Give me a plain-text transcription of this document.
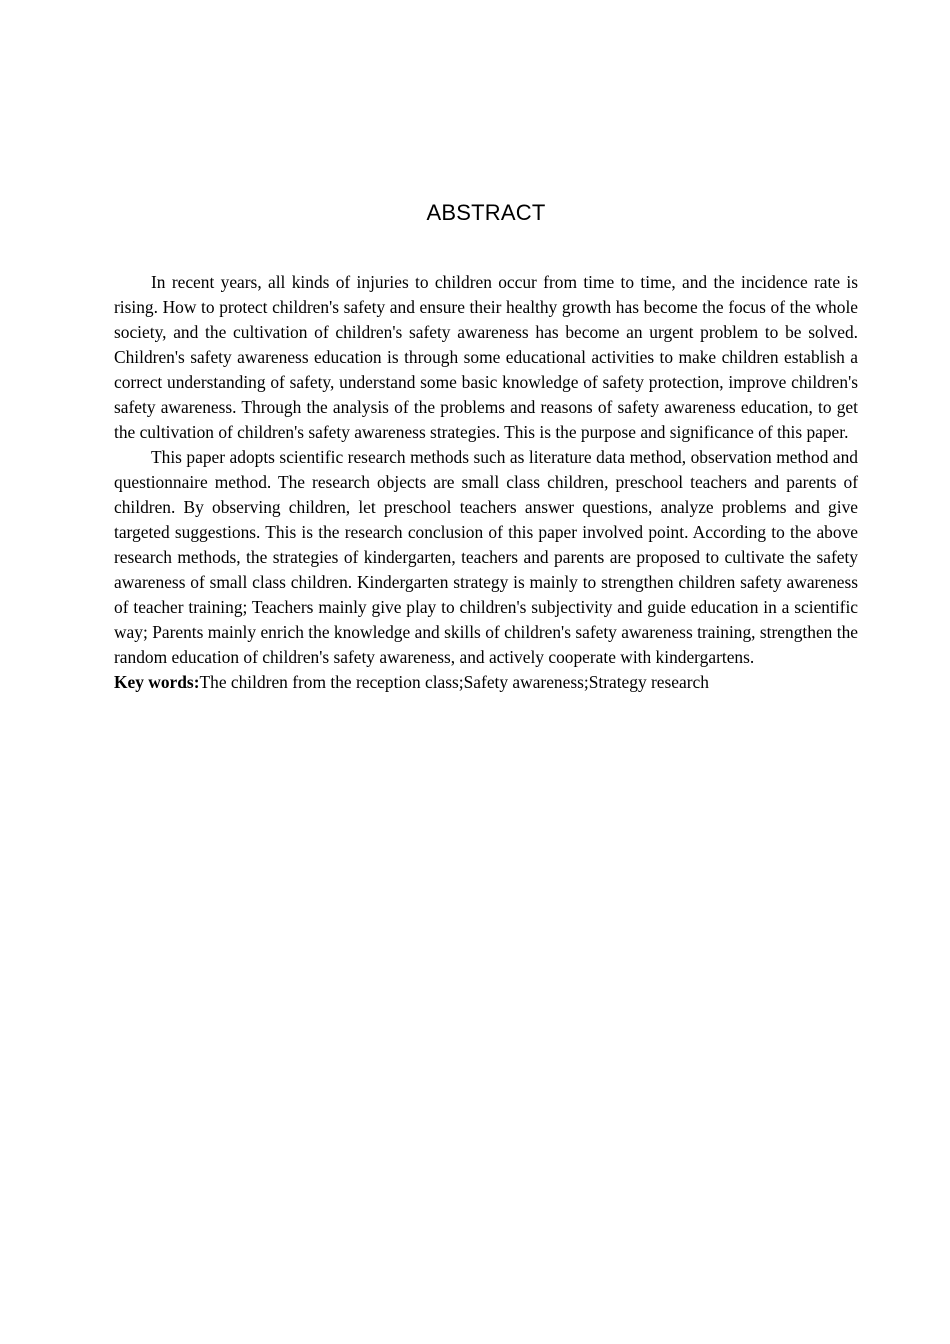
ABSTRACT

In recent years, all kinds of injuries to children occur from time to time, and the incidence rate is rising. How to protect children's safety and ensure their healthy growth has become the focus of the whole society, and the cultivation of children's safety awareness has become an urgent problem to be solved. Children's safety awareness education is through some educational activities to make children establish a correct understanding of safety, understand some basic knowledge of safety protection, improve children's safety awareness. Through the analysis of the problems and reasons of safety awareness education, to get the cultivation of children's safety awareness strategies. This is the purpose and significance of this paper.

This paper adopts scientific research methods such as literature data method, observation method and questionnaire method. The research objects are small class children, preschool teachers and parents of children. By observing children, let preschool teachers answer questions, analyze problems and give targeted suggestions. This is the research conclusion of this paper involved point. According to the above research methods, the strategies of kindergarten, teachers and parents are proposed to cultivate the safety awareness of small class children. Kindergarten strategy is mainly to strengthen children safety awareness of teacher training; Teachers mainly give play to children's subjectivity and guide education in a scientific way; Parents mainly enrich the knowledge and skills of children's safety awareness training, strengthen the random education of children's safety awareness, and actively cooperate with kindergartens.

Key words:The children from the reception class;Safety awareness;Strategy research
